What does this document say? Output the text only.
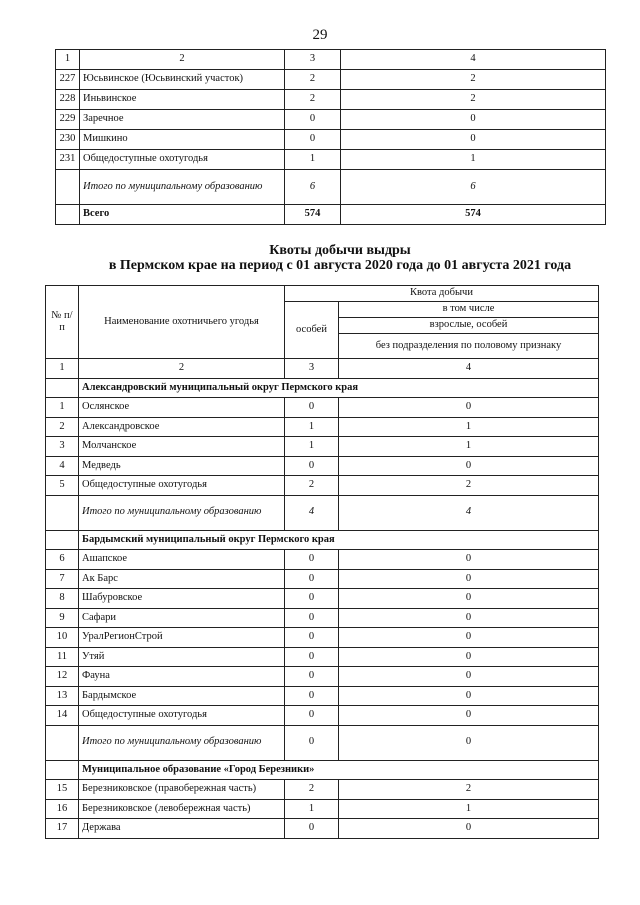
29
1	2	3	4
227	Юсьвинское (Юсьвинский участок)	2	2
228	Иньвинское	2	2
229	Заречное	0	0
230	Мишкино	0	0
231	Общедоступные охотугодья	1	1
	Итого по муниципальному образованию	6	6
	Всего	574	574
Квоты добычи выдры
в Пермском крае на период с 01 августа 2020 года до 01 августа 2021 года
№ п/п	Наименование охотничьего угодья	Квота добычи	
		особей	в том числе
			взрослые, особей
			без подразделения по половому признаку
1	2	3	4
	Александровский муниципальный округ Пермского края		
1	Ослянское	0	0
2	Александровское	1	1
3	Молчанское	1	1
4	Медведь	0	0
5	Общедоступные охотугодья	2	2
	Итого по муниципальному образованию	4	4
	Бардымский муниципальный округ Пермского края		
6	Ашапское	0	0
7	Ак Барс	0	0
8	Шабуровское	0	0
9	Сафари	0	0
10	УралРегионСтрой	0	0
11	Утяй	0	0
12	Фауна	0	0
13	Бардымское	0	0
14	Общедоступные охотугодья	0	0
	Итого по муниципальному образованию	0	0
	Муниципальное образование «Город Березники»		
15	Березниковское (правобережная часть)	2	2
16	Березниковское (левобережная часть)	1	1
17	Держава	0	0
